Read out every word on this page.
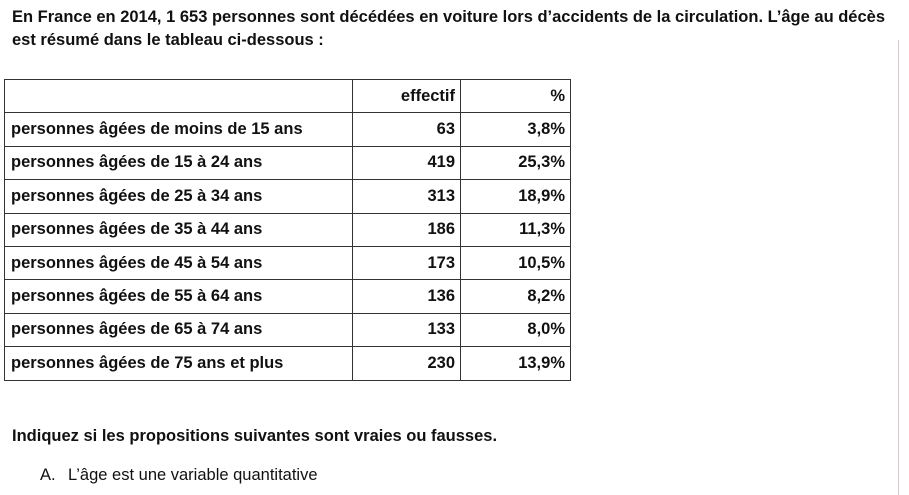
En France en 2014, 1 653 personnes sont décédées en voiture lors d’accidents de la circulation. L’âge au décès

est résumé dans le tableau ci-dessous :

	effectif	%
personnes âgées de moins de 15 ans	63	3,8%
personnes âgées de 15 à 24 ans	419	25,3%
personnes âgées de 25 à 34 ans	313	18,9%
personnes âgées de 35 à 44 ans	186	11,3%
personnes âgées de 45 à 54 ans	173	10,5%
personnes âgées de 55 à 64 ans	136	8,2%
personnes âgées de 65 à 74 ans	133	8,0%
personnes âgées de 75 ans et plus	230	13,9%
Indiquez si les propositions suivantes sont vraies ou fausses.
A. L’âge est une variable quantitative
